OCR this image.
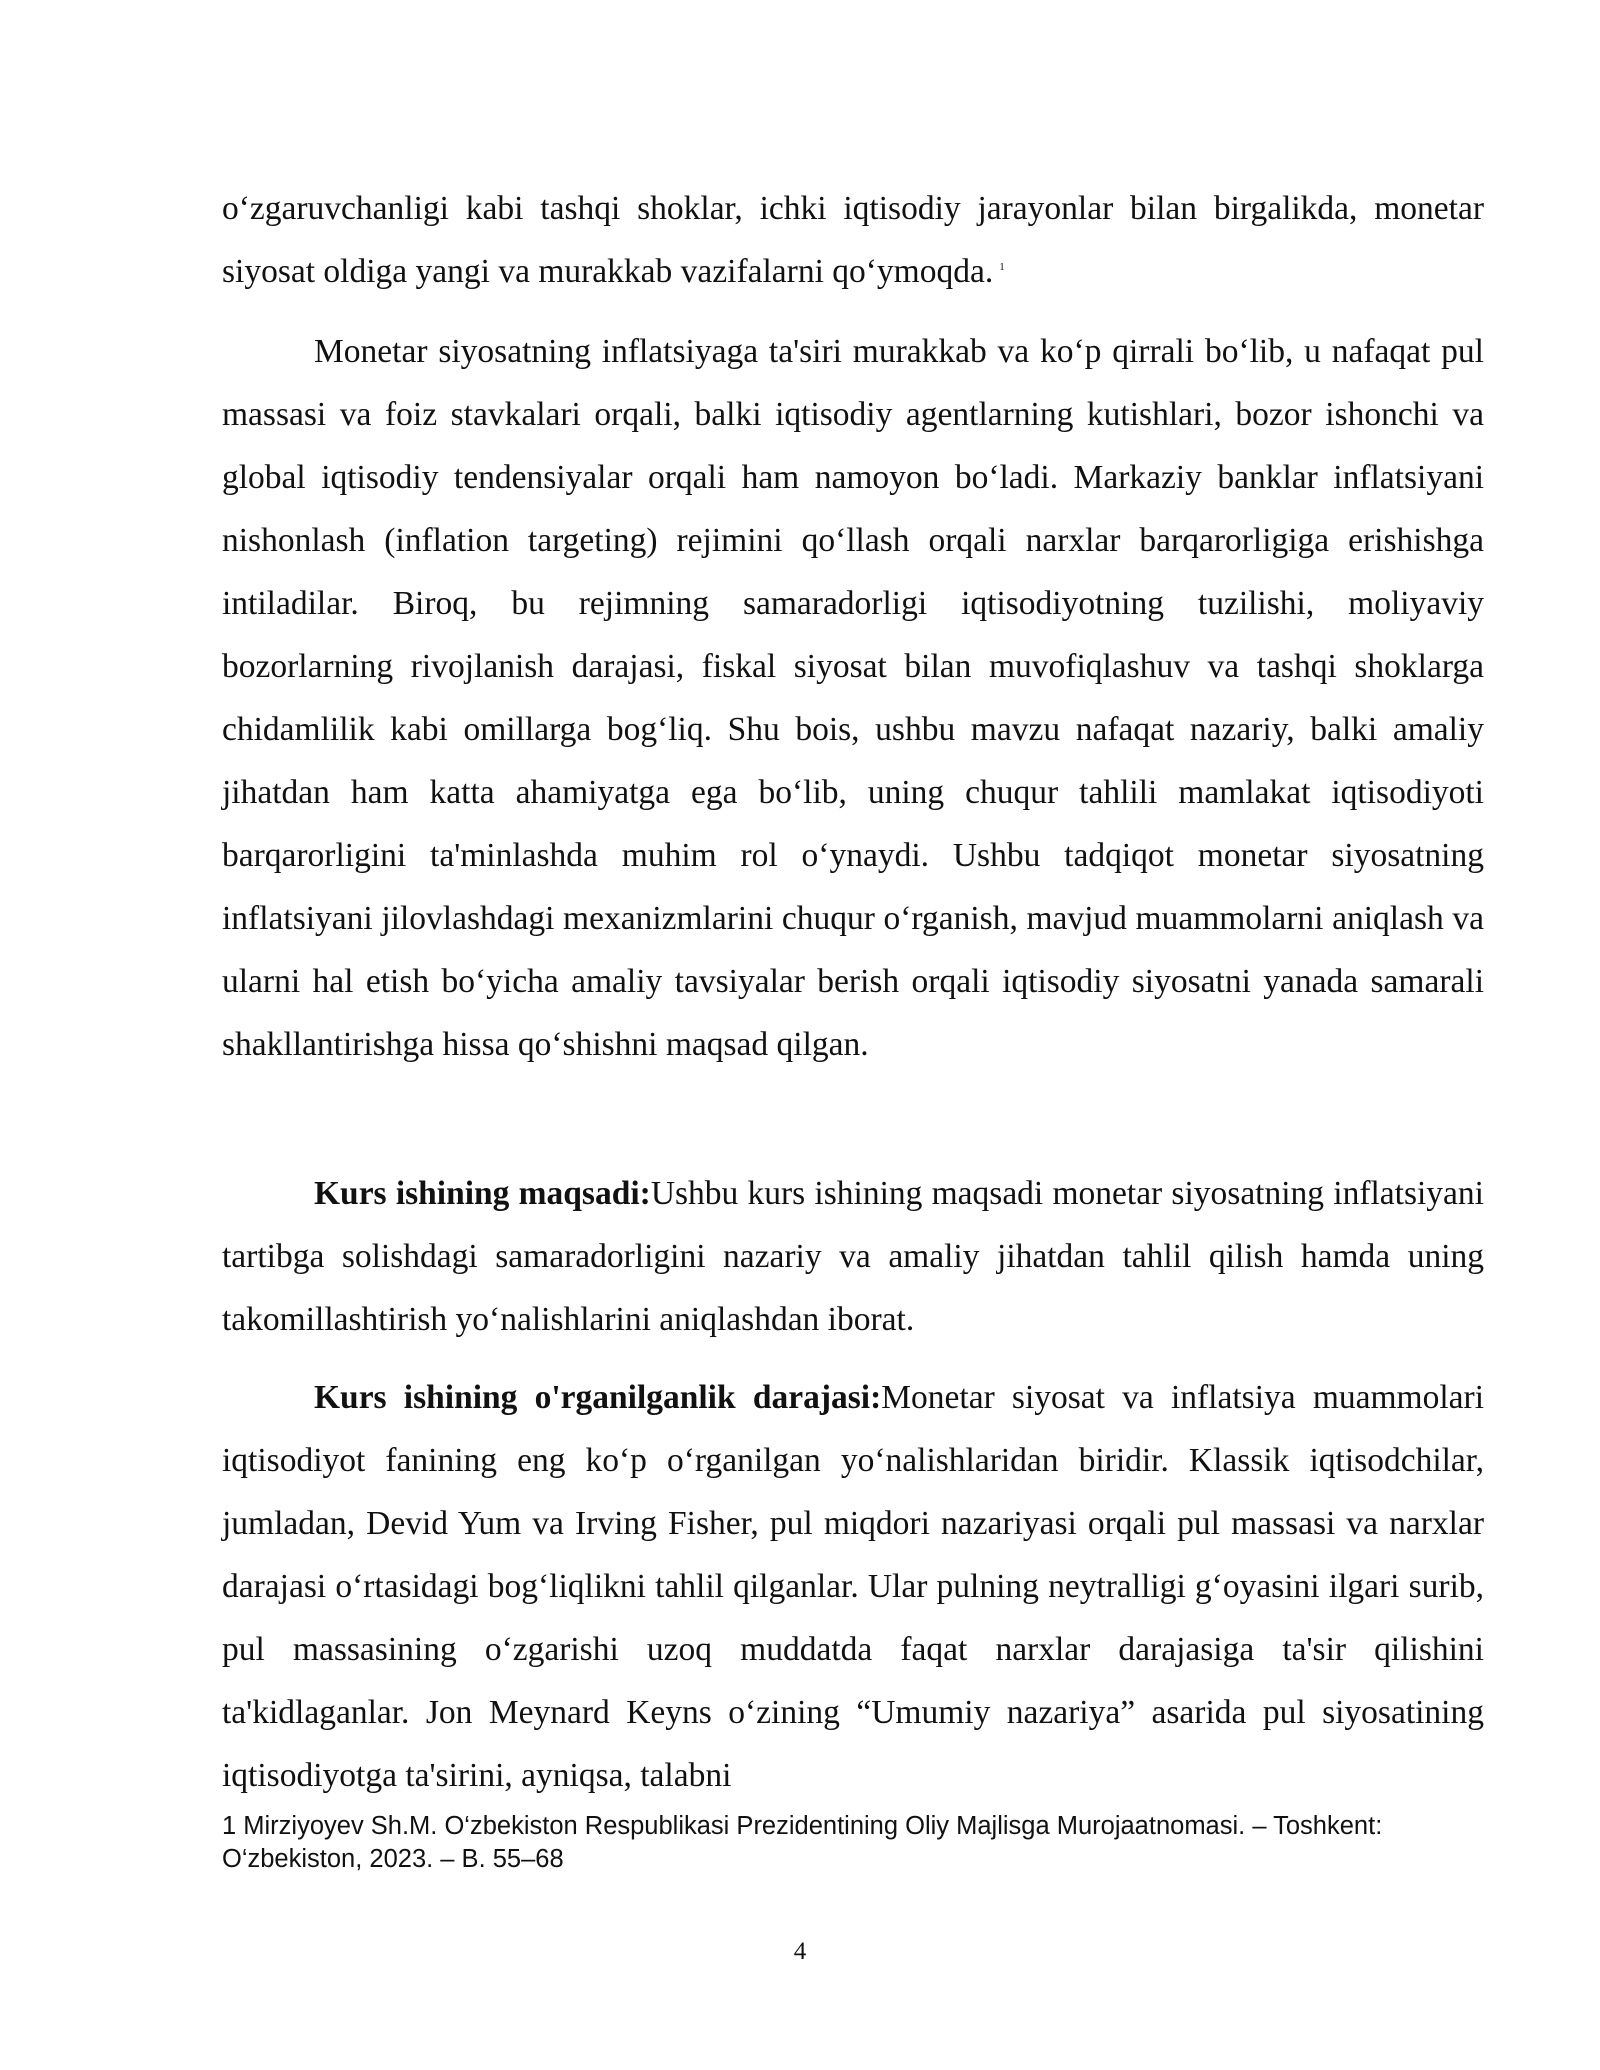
o‘zgaruvchanligi kabi tashqi shoklar, ichki iqtisodiy jarayonlar bilan birgalikda, monetar siyosat oldiga yangi va murakkab vazifalarni qo‘ymoqda. $^1$

Monetar siyosatning inflatsiyaga ta'siri murakkab va ko‘p qirrali bo‘lib, u nafaqat pul massasi va foiz stavkalari orqali, balki iqtisodiy agentlarning kutishlari, bozor ishonchi va global iqtisodiy tendensiyalar orqali ham namoyon bo‘ladi. Markaziy banklar inflatsiyani nishonlash (inflation targeting) rejimini qo‘llash orqali narxlar barqarorligiga erishishga intiladilar. Biroq, bu rejimning samaradorligi iqtisodiyotning tuzilishi, moliyaviy bozorlarning rivojlanish darajasi, fiskal siyosat bilan muvofiqlashuv va tashqi shoklarga chidamlilik kabi omillarga bog‘liq. Shu bois, ushbu mavzu nafaqat nazariy, balki amaliy jihatdan ham katta ahamiyatga ega bo‘lib, uning chuqur tahlili mamlakat iqtisodiyoti barqarorligini ta'minlashda muhim rol o‘ynaydi. Ushbu tadqiqot monetar siyosatning inflatsiyani jilovlashdagi mexanizmlarini chuqur o‘rganish, mavjud muammolarni aniqlash va ularni hal etish bo‘yicha amaliy tavsiyalar berish orqali iqtisodiy siyosatni yanada samarali shakllantirishga hissa qo‘shishni maqsad qilgan.

Kurs ishining maqsadi:Ushbu kurs ishining maqsadi monetar siyosatning inflatsiyani tartibga solishdagi samaradorligini nazariy va amaliy jihatdan tahlil qilish hamda uning takomillashtirish yo‘nalishlarini aniqlashdan iborat.

Kurs ishining o'rganilganlik darajasi:Monetar siyosat va inflatsiya muammolari iqtisodiyot fanining eng ko‘p o‘rganilgan yo‘nalishlaridan biridir. Klassik iqtisodchilar, jumladan, Devid Yum va Irving Fisher, pul miqdori nazariyasi orqali pul massasi va narxlar darajasi o‘rtasidagi bog‘liqlikni tahlil qilganlar. Ular pulning neytralligi g‘oyasini ilgari surib, pul massasining o‘zgarishi uzoq muddatda faqat narxlar darajasiga ta'sir qilishini ta'kidlaganlar. Jon Meynard Keyns o‘zining “Umumiy nazariya” asarida pul siyosatining iqtisodiyotga ta'sirini, ayniqsa, talabni

1 Mirziyoyev Sh.M. O‘zbekiston Respublikasi Prezidentining Oliy Majlisga Murojaatnomasi. – Toshkent: O‘zbekiston, 2023. – B. 55–68

4
